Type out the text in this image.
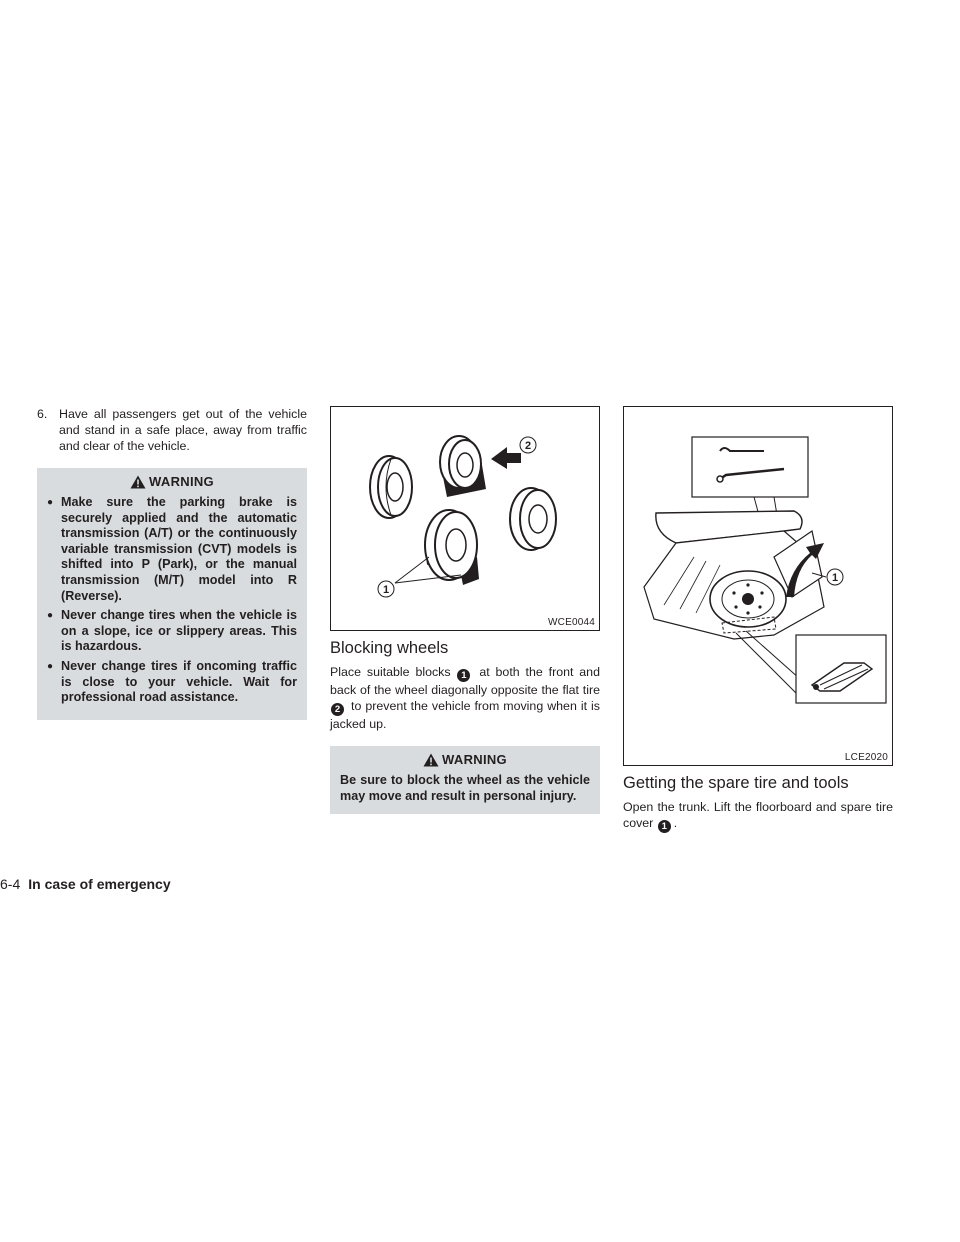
6. Have all passengers get out of the vehicle and stand in a safe place, away from traffic and clear of the vehicle.
WARNING
● Make sure the parking brake is securely applied and the automatic transmission (A/T) or the continuously variable transmission (CVT) models is shifted into P (Park), or the manual transmission (M/T) model into R (Reverse).
● Never change tires when the vehicle is on a slope, ice or slippery areas. This is hazardous.
● Never change tires if oncoming traffic is close to your vehicle. Wait for professional road assistance.
1
2
WCE0044
Blocking wheels
Place suitable blocks 1 at both the front and back of the wheel diagonally opposite the flat tire 2 to prevent the vehicle from moving when it is jacked up.
WARNING
Be sure to block the wheel as the vehicle may move and result in personal injury.
1
LCE2020
Getting the spare tire and tools
Open the trunk. Lift the floorboard and spare tire cover 1 .
6-4 In case of emergency
